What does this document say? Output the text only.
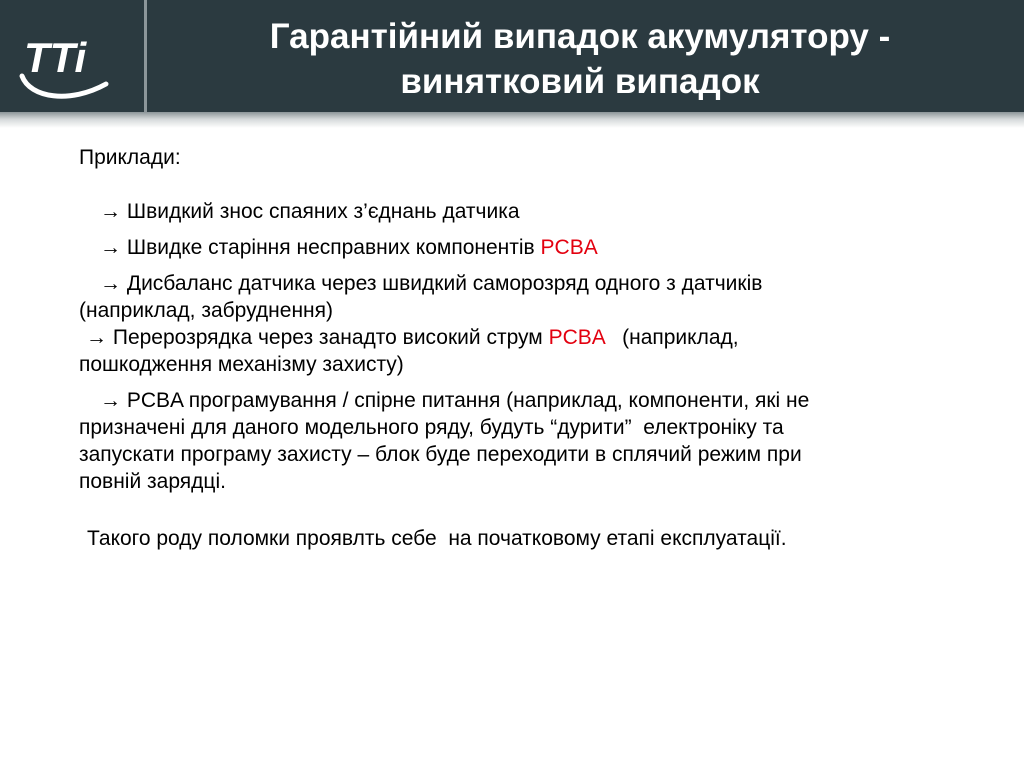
TTi	Гарантійний випадок акумулятору -
винятковий випадок

Приклади:

→ Швидкий знос спаяних з’єднань датчика

→ Швидке старіння несправних компонентів PCBA

→ Дисбаланс датчика через швидкий саморозряд одного з датчиків

(наприклад, забруднення)

→ Перерозрядка через занадто високий струм PCBA   (наприклад,

пошкодження механізму захисту)

→ PCBA програмування / спірне питання (наприклад, компоненти, які не

призначені для даного модельного ряду, будуть “дурити”  електроніку та

запускати програму захисту – блок буде переходити в сплячий режим при

повній зарядці.

Такого роду поломки проявлть себе  на початковому етапі експлуатації.
